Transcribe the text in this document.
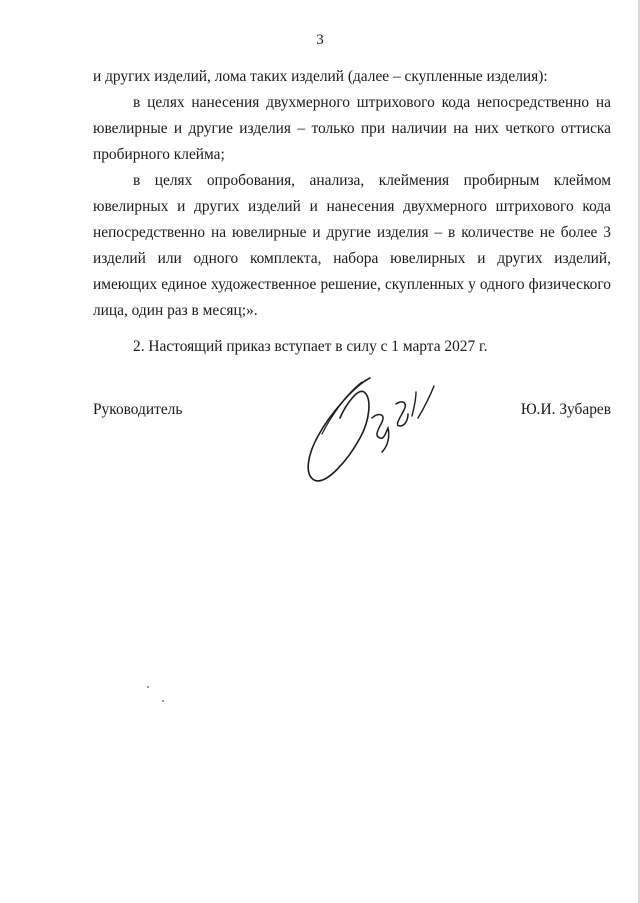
3

и других изделий, лома таких изделий (далее – скупленные изделия):

в целях нанесения двухмерного штрихового кода непосредственно на ювелирные и другие изделия – только при наличии на них четкого оттиска пробирного клейма;

в целях опробования, анализа, клеймения пробирным клеймом ювелирных и других изделий и нанесения двухмерного штрихового кода непосредственно на ювелирные и другие изделия – в количестве не более 3 изделий или одного комплекта, набора ювелирных и других изделий, имеющих единое художественное решение, скупленных у одного физического лица, один раз в месяц;».

2. Настоящий приказ вступает в силу с 1 марта 2027 г.

Руководитель	Ю.И. Зубарев
